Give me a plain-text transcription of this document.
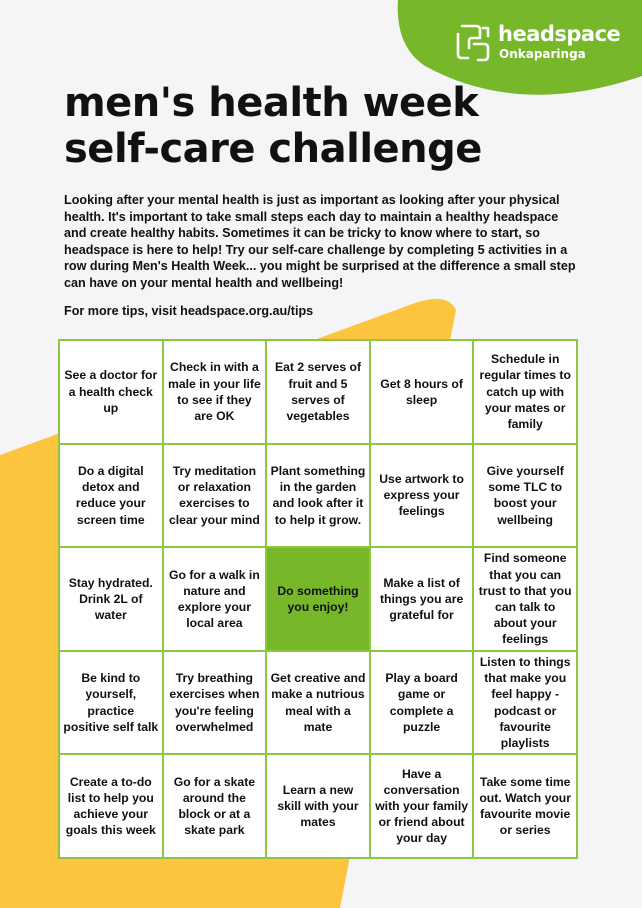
headspace
Onkaparinga
men's health week
self-care challenge

Looking after your mental health is just as important as looking after your physical health. It's important to take small steps each day to maintain a healthy headspace and create healthy habits. Sometimes it can be tricky to know where to start, so headspace is here to help! Try our self-care challenge by completing 5 activities in a row during Men's Health Week... you might be surprised at the difference a small step can have on your mental health and wellbeing!

For more tips, visit headspace.org.au/tips

See a doctor for a health check up
Check in with a male in your life to see if they are OK
Eat 2 serves of fruit and 5 serves of vegetables
Get 8 hours of sleep
Schedule in regular times to catch up with your mates or family
Do a digital detox and reduce your screen time
Try meditation or relaxation exercises to clear your mind
Plant something in the garden and look after it to help it grow.
Use artwork to express your feelings
Give yourself some TLC to boost your wellbeing
Stay hydrated. Drink 2L of water
Go for a walk in nature and explore your local area
Do something you enjoy!
Make a list of things you are grateful for
Find someone that you can trust to that you can talk to about your feelings
Be kind to yourself, practice positive self talk
Try breathing exercises when you're feeling overwhelmed
Get creative and make a nutrious meal with a mate
Play a board game or complete a puzzle
Listen to things that make you feel happy - podcast or favourite playlists
Create a to-do list to help you achieve your goals this week
Go for a skate around the block or at a skate park
Learn a new skill with your mates
Have a conversation with your family or friend about your day
Take some time out. Watch your favourite movie or series
